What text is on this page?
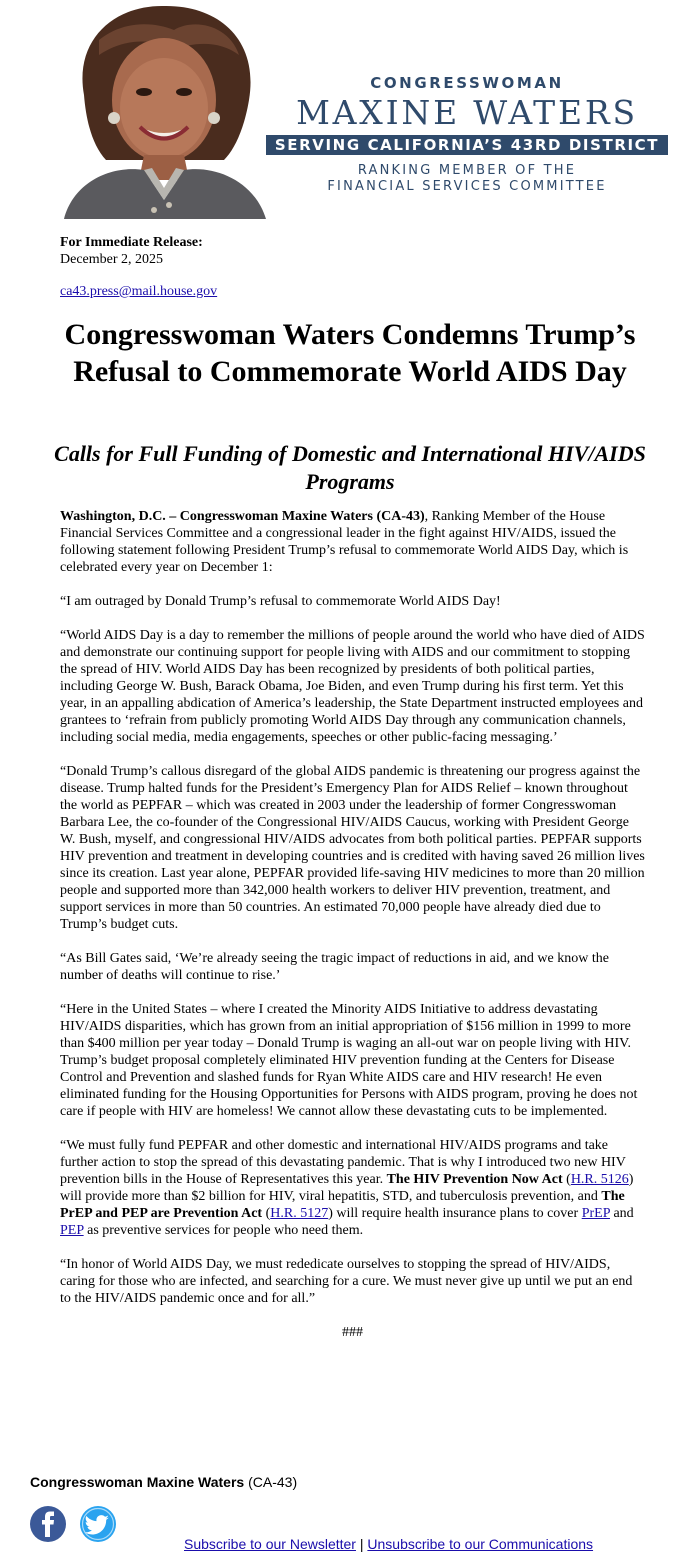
CONGRESSWOMAN
MAXINE WATERS
SERVING CALIFORNIA’S 43RD DISTRICT
RANKING MEMBER OF THE
FINANCIAL SERVICES COMMITTEE
For Immediate Release:
December 2, 2025
ca43.press@mail.house.gov
Congresswoman Waters Condemns Trump’s Refusal to Commemorate World AIDS Day
Calls for Full Funding of Domestic and International HIV/AIDS Programs

Washington, D.C. – Congresswoman Maxine Waters (CA-43), Ranking Member of the House Financial Services Committee and a congressional leader in the fight against HIV/AIDS, issued the following statement following President Trump’s refusal to commemorate World AIDS Day, which is celebrated every year on December 1:

“I am outraged by Donald Trump’s refusal to commemorate World AIDS Day!

“World AIDS Day is a day to remember the millions of people around the world who have died of AIDS and demonstrate our continuing support for people living with AIDS and our commitment to stopping the spread of HIV. World AIDS Day has been recognized by presidents of both political parties, including George W. Bush, Barack Obama, Joe Biden, and even Trump during his first term. Yet this year, in an appalling abdication of America’s leadership, the State Department instructed employees and grantees to ‘refrain from publicly promoting World AIDS Day through any communication channels, including social media, media engagements, speeches or other public-facing messaging.’

“Donald Trump’s callous disregard of the global AIDS pandemic is threatening our progress against the disease. Trump halted funds for the President’s Emergency Plan for AIDS Relief – known throughout the world as PEPFAR – which was created in 2003 under the leadership of former Congresswoman Barbara Lee, the co-founder of the Congressional HIV/AIDS Caucus, working with President George W. Bush, myself, and congressional HIV/AIDS advocates from both political parties. PEPFAR supports HIV prevention and treatment in developing countries and is credited with having saved 26 million lives since its creation. Last year alone, PEPFAR provided life-saving HIV medicines to more than 20 million people and supported more than 342,000 health workers to deliver HIV prevention, treatment, and support services in more than 50 countries. An estimated 70,000 people have already died due to Trump’s budget cuts.

“As Bill Gates said, ‘We’re already seeing the tragic impact of reductions in aid, and we know the number of deaths will continue to rise.’

“Here in the United States – where I created the Minority AIDS Initiative to address devastating HIV/AIDS disparities, which has grown from an initial appropriation of $156 million in 1999 to more than $400 million per year today – Donald Trump is waging an all-out war on people living with HIV. Trump’s budget proposal completely eliminated HIV prevention funding at the Centers for Disease Control and Prevention and slashed funds for Ryan White AIDS care and HIV research! He even eliminated funding for the Housing Opportunities for Persons with AIDS program, proving he does not care if people with HIV are homeless! We cannot allow these devastating cuts to be implemented.

“We must fully fund PEPFAR and other domestic and international HIV/AIDS programs and take further action to stop the spread of this devastating pandemic. That is why I introduced two new HIV prevention bills in the House of Representatives this year. The HIV Prevention Now Act (H.R. 5126) will provide more than $2 billion for HIV, viral hepatitis, STD, and tuberculosis prevention, and The PrEP and PEP are Prevention Act (H.R. 5127) will require health insurance plans to cover PrEP and PEP as preventive services for people who need them.

“In honor of World AIDS Day, we must rededicate ourselves to stopping the spread of HIV/AIDS, caring for those who are infected, and searching for a cure. We must never give up until we put an end to the HIV/AIDS pandemic once and for all.”

###

Congresswoman Maxine Waters (CA-43)
Subscribe to our Newsletter | Unsubscribe to our Communications
